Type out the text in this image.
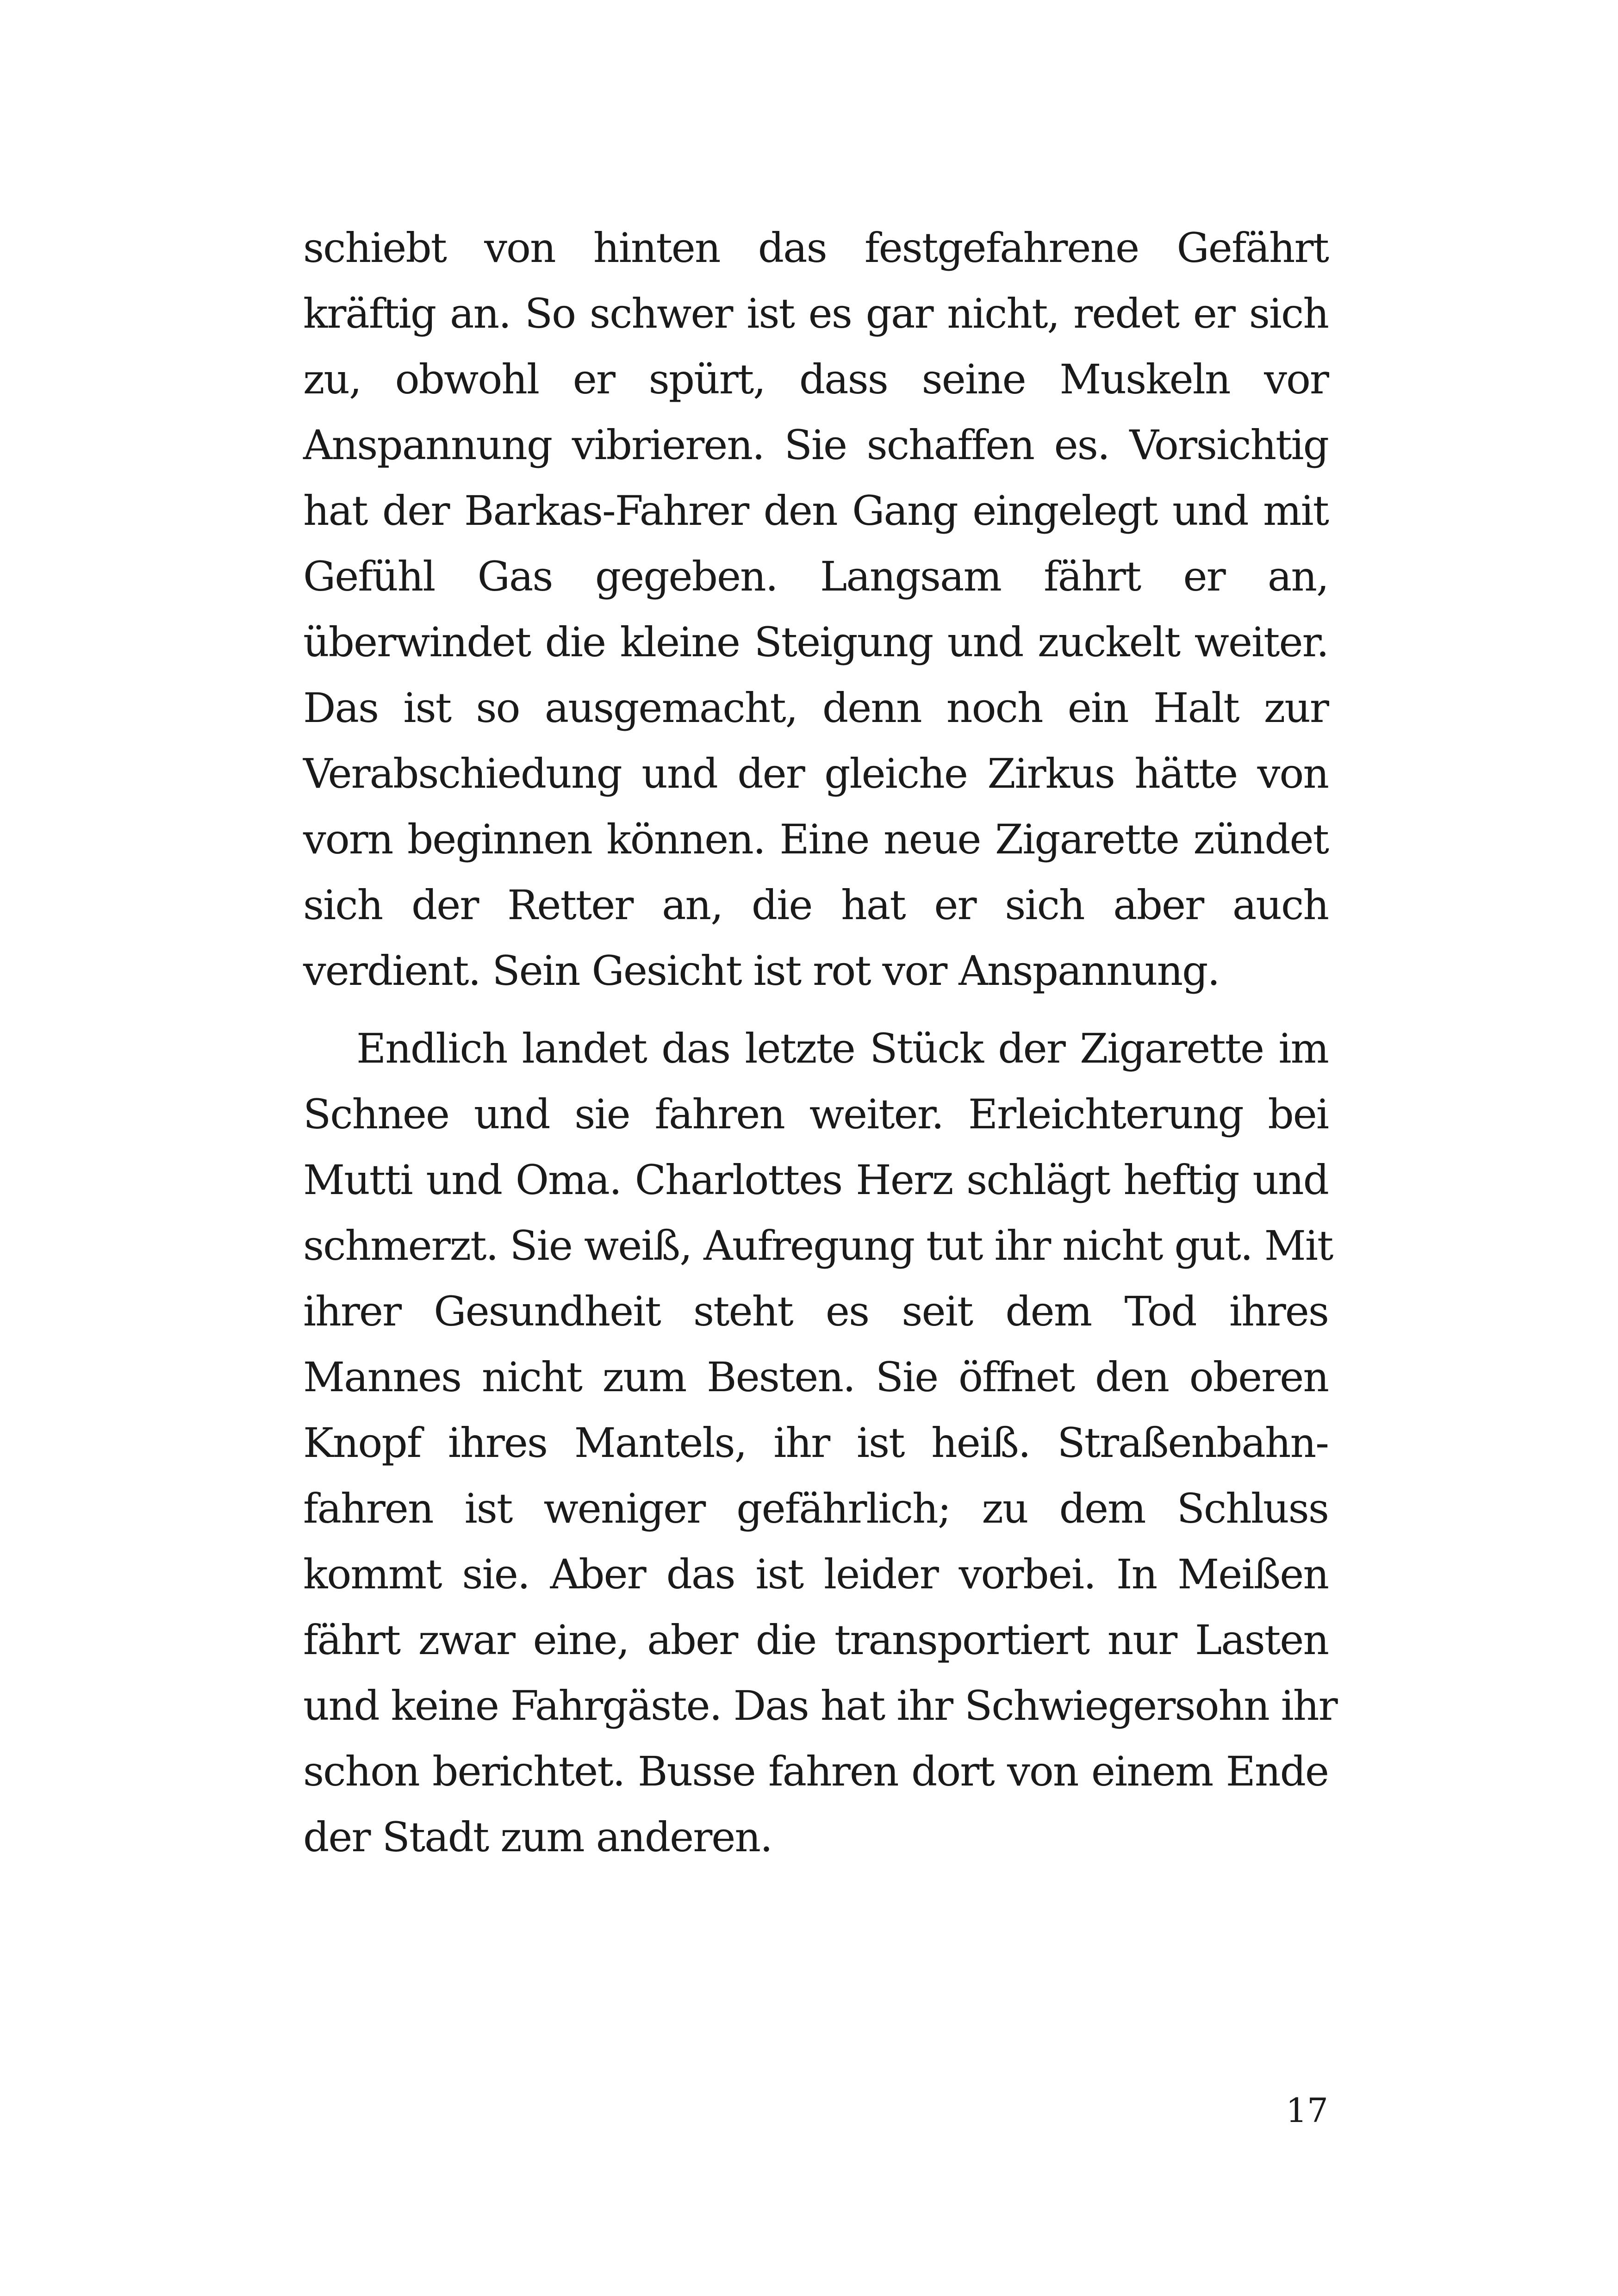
schiebt von hinten das festgefahrene Gefährt
kräftig an. So schwer ist es gar nicht, redet er sich
zu, obwohl er spürt, dass seine Muskeln vor
Anspannung vibrieren. Sie schaffen es. Vorsichtig
hat der Barkas-Fahrer den Gang eingelegt und mit
Gefühl Gas gegeben. Langsam fährt er an,
überwindet die kleine Steigung und zuckelt weiter.
Das ist so ausgemacht, denn noch ein Halt zur
Verabschiedung und der gleiche Zirkus hätte von
vorn beginnen können. Eine neue Zigarette zündet
sich der Retter an, die hat er sich aber auch
verdient. Sein Gesicht ist rot vor Anspannung.
Endlich landet das letzte Stück der Zigarette im
Schnee und sie fahren weiter. Erleichterung bei
Mutti und Oma. Charlottes Herz schlägt heftig und
schmerzt. Sie weiß, Aufregung tut ihr nicht gut. Mit
ihrer Gesundheit steht es seit dem Tod ihres
Mannes nicht zum Besten. Sie öffnet den oberen
Knopf ihres Mantels, ihr ist heiß. Straßenbahn-
fahren ist weniger gefährlich; zu dem Schluss
kommt sie. Aber das ist leider vorbei. In Meißen
fährt zwar eine, aber die transportiert nur Lasten
und keine Fahrgäste. Das hat ihr Schwiegersohn ihr
schon berichtet. Busse fahren dort von einem Ende
der Stadt zum anderen.
17
